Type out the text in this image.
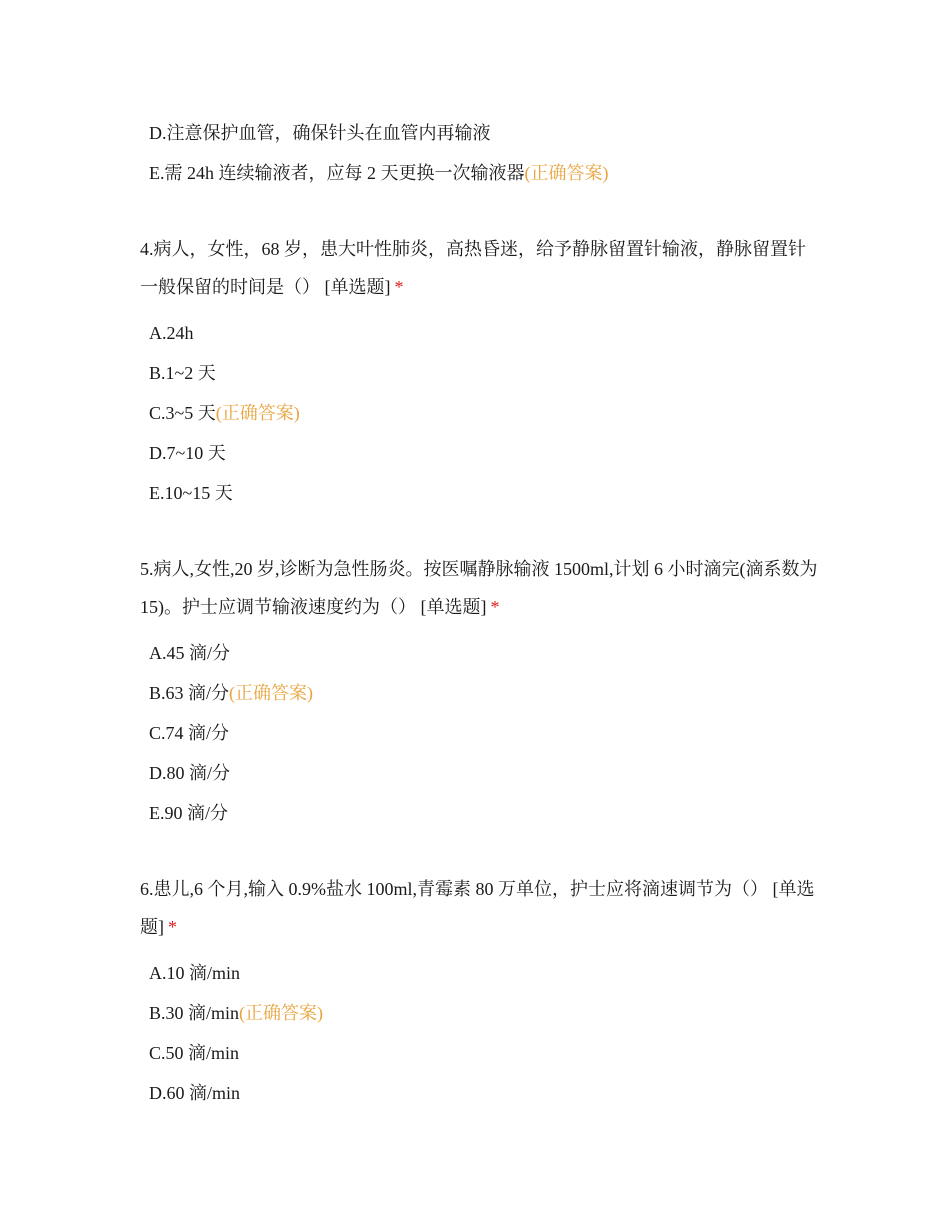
D.注意保护血管，确保针头在血管内再输液
E.需 24h 连续输液者，应每 2 天更换一次输液器(正确答案)
4.病人，女性，68 岁，患大叶性肺炎，高热昏迷，给予静脉留置针输液，静脉留置针一般保留的时间是（） [单选题] *
A.24h
B.1~2 天
C.3~5 天(正确答案)
D.7~10 天
E.10~15 天
5.病人,女性,20 岁,诊断为急性肠炎。按医嘱静脉输液 1500ml,计划 6 小时滴完(滴系数为 15)。护士应调节输液速度约为（） [单选题] *
A.45 滴/分
B.63 滴/分(正确答案)
C.74 滴/分
D.80 滴/分
E.90 滴/分
6.患儿,6 个月,输入 0.9%盐水 100ml,青霉素 80 万单位，护士应将滴速调节为（） [单选题] *
A.10 滴/min
B.30 滴/min(正确答案)
C.50 滴/min
D.60 滴/min
